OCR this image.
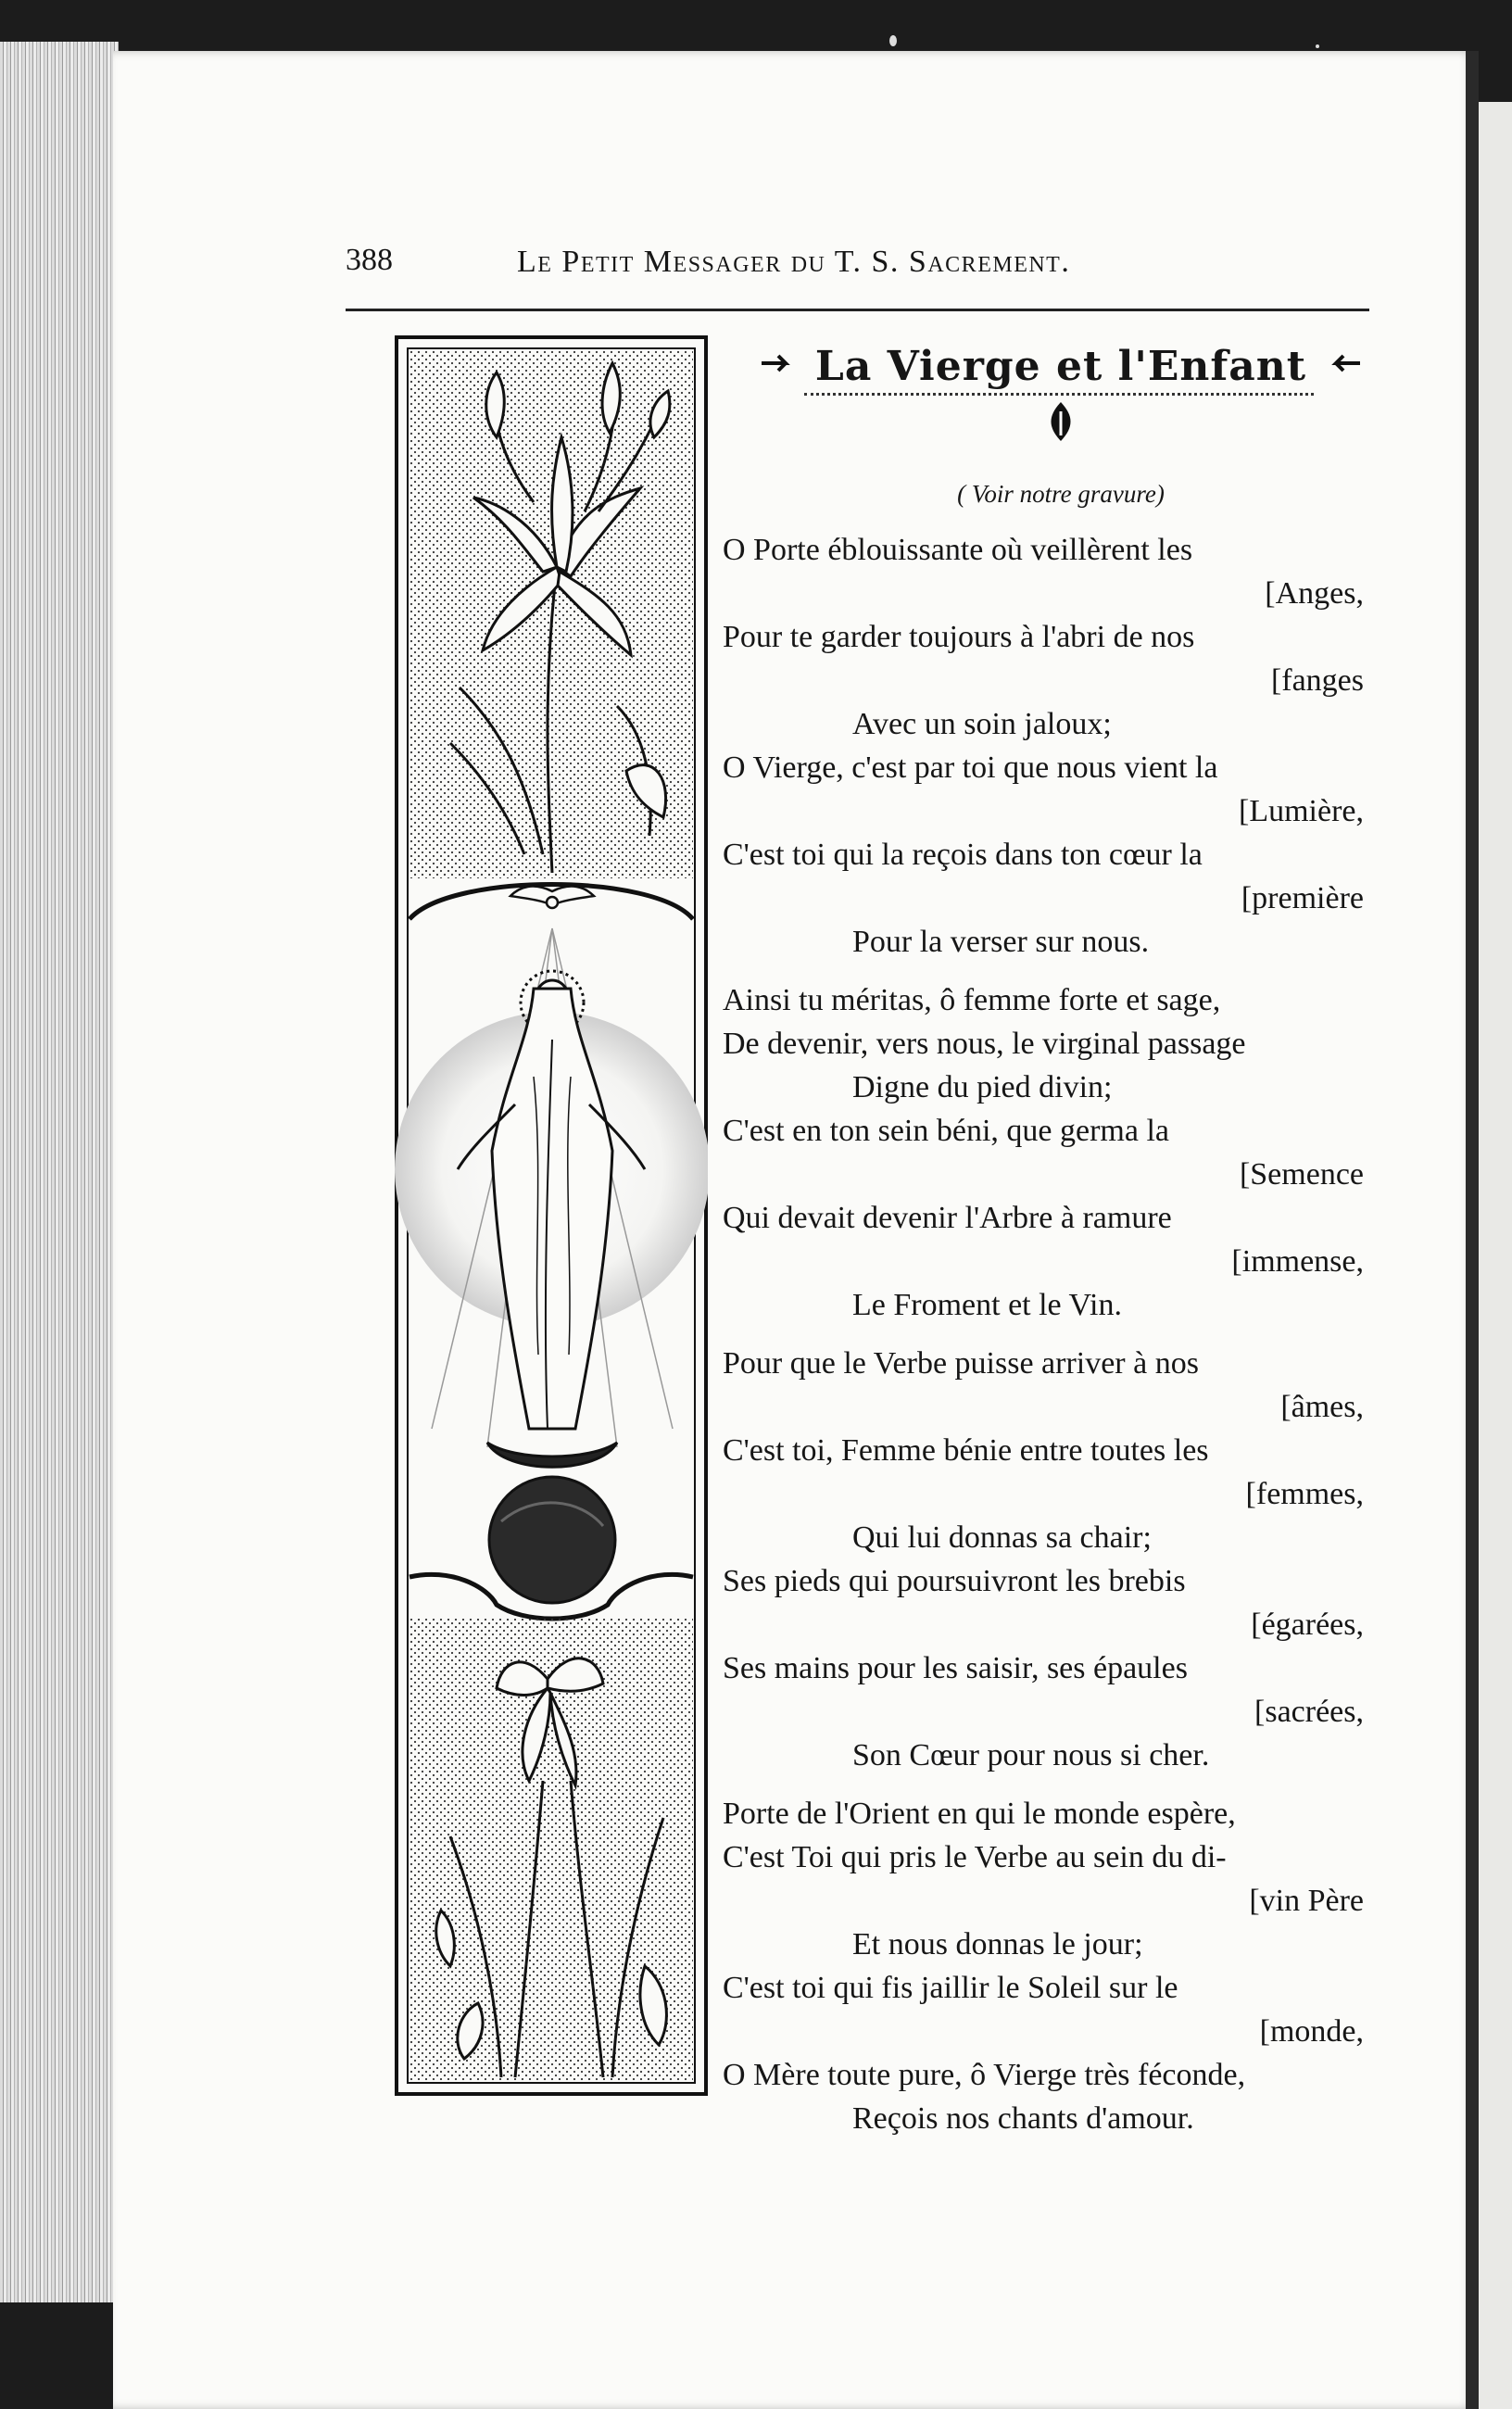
388	Le Petit Messager du T. S. Sacrement.
La Vierge et l'Enfant
( Voir notre gravure)
O Porte éblouissante où veillèrent les
[Anges,
Pour te garder toujours à l'abri de nos
[fanges
Avec un soin jaloux;
O Vierge, c'est par toi que nous vient la
[Lumière,
C'est toi qui la reçois dans ton cœur la
[première
Pour la verser sur nous.
Ainsi tu méritas, ô femme forte et sage,
De devenir, vers nous, le virginal passage
Digne du pied divin;
C'est en ton sein béni, que germa la
[Semence
Qui devait devenir l'Arbre à ramure
[immense,
Le Froment et le Vin.
Pour que le Verbe puisse arriver à nos
[âmes,
C'est toi, Femme bénie entre toutes les
[femmes,
Qui lui donnas sa chair;
Ses pieds qui poursuivront les brebis
[égarées,
Ses mains pour les saisir, ses épaules
[sacrées,
Son Cœur pour nous si cher.
Porte de l'Orient en qui le monde espère,
C'est Toi qui pris le Verbe au sein du di-
[vin Père
Et nous donnas le jour;
C'est toi qui fis jaillir le Soleil sur le
[monde,
O Mère toute pure, ô Vierge très féconde,
Reçois nos chants d'amour.
